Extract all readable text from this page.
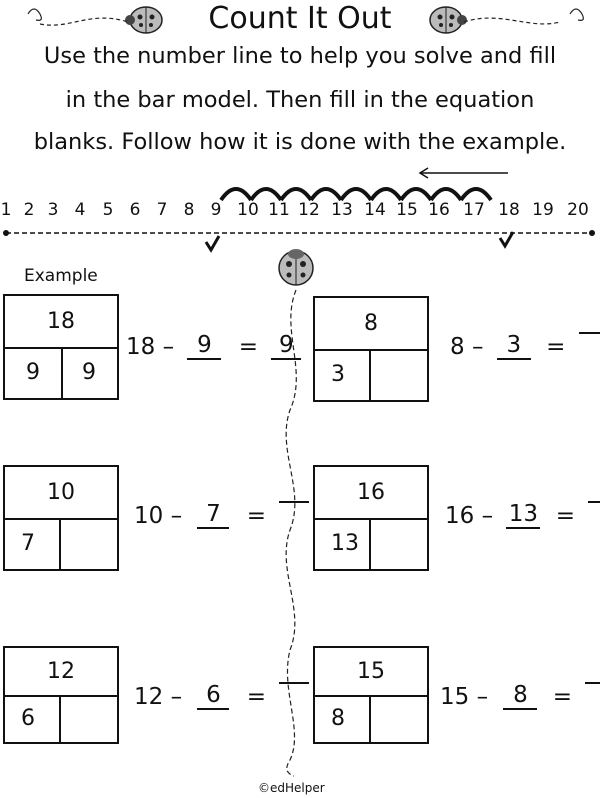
Count It Out
Use the number line to help you solve and fill
in the bar model. Then fill in the equation
blanks. Follow how it is done with the example.
1 2 3 4	5 6 7 8 9 10 11 12 13 14 15 16 17 18 19 20
Example
18
9	9
18 – 9 = 9
8
3
8 – 3 =
10
7
10 – 7 =
16
13
16 – 13 =
12
6
12 – 6 =
15
8
15 – 8 =
©edHelper
